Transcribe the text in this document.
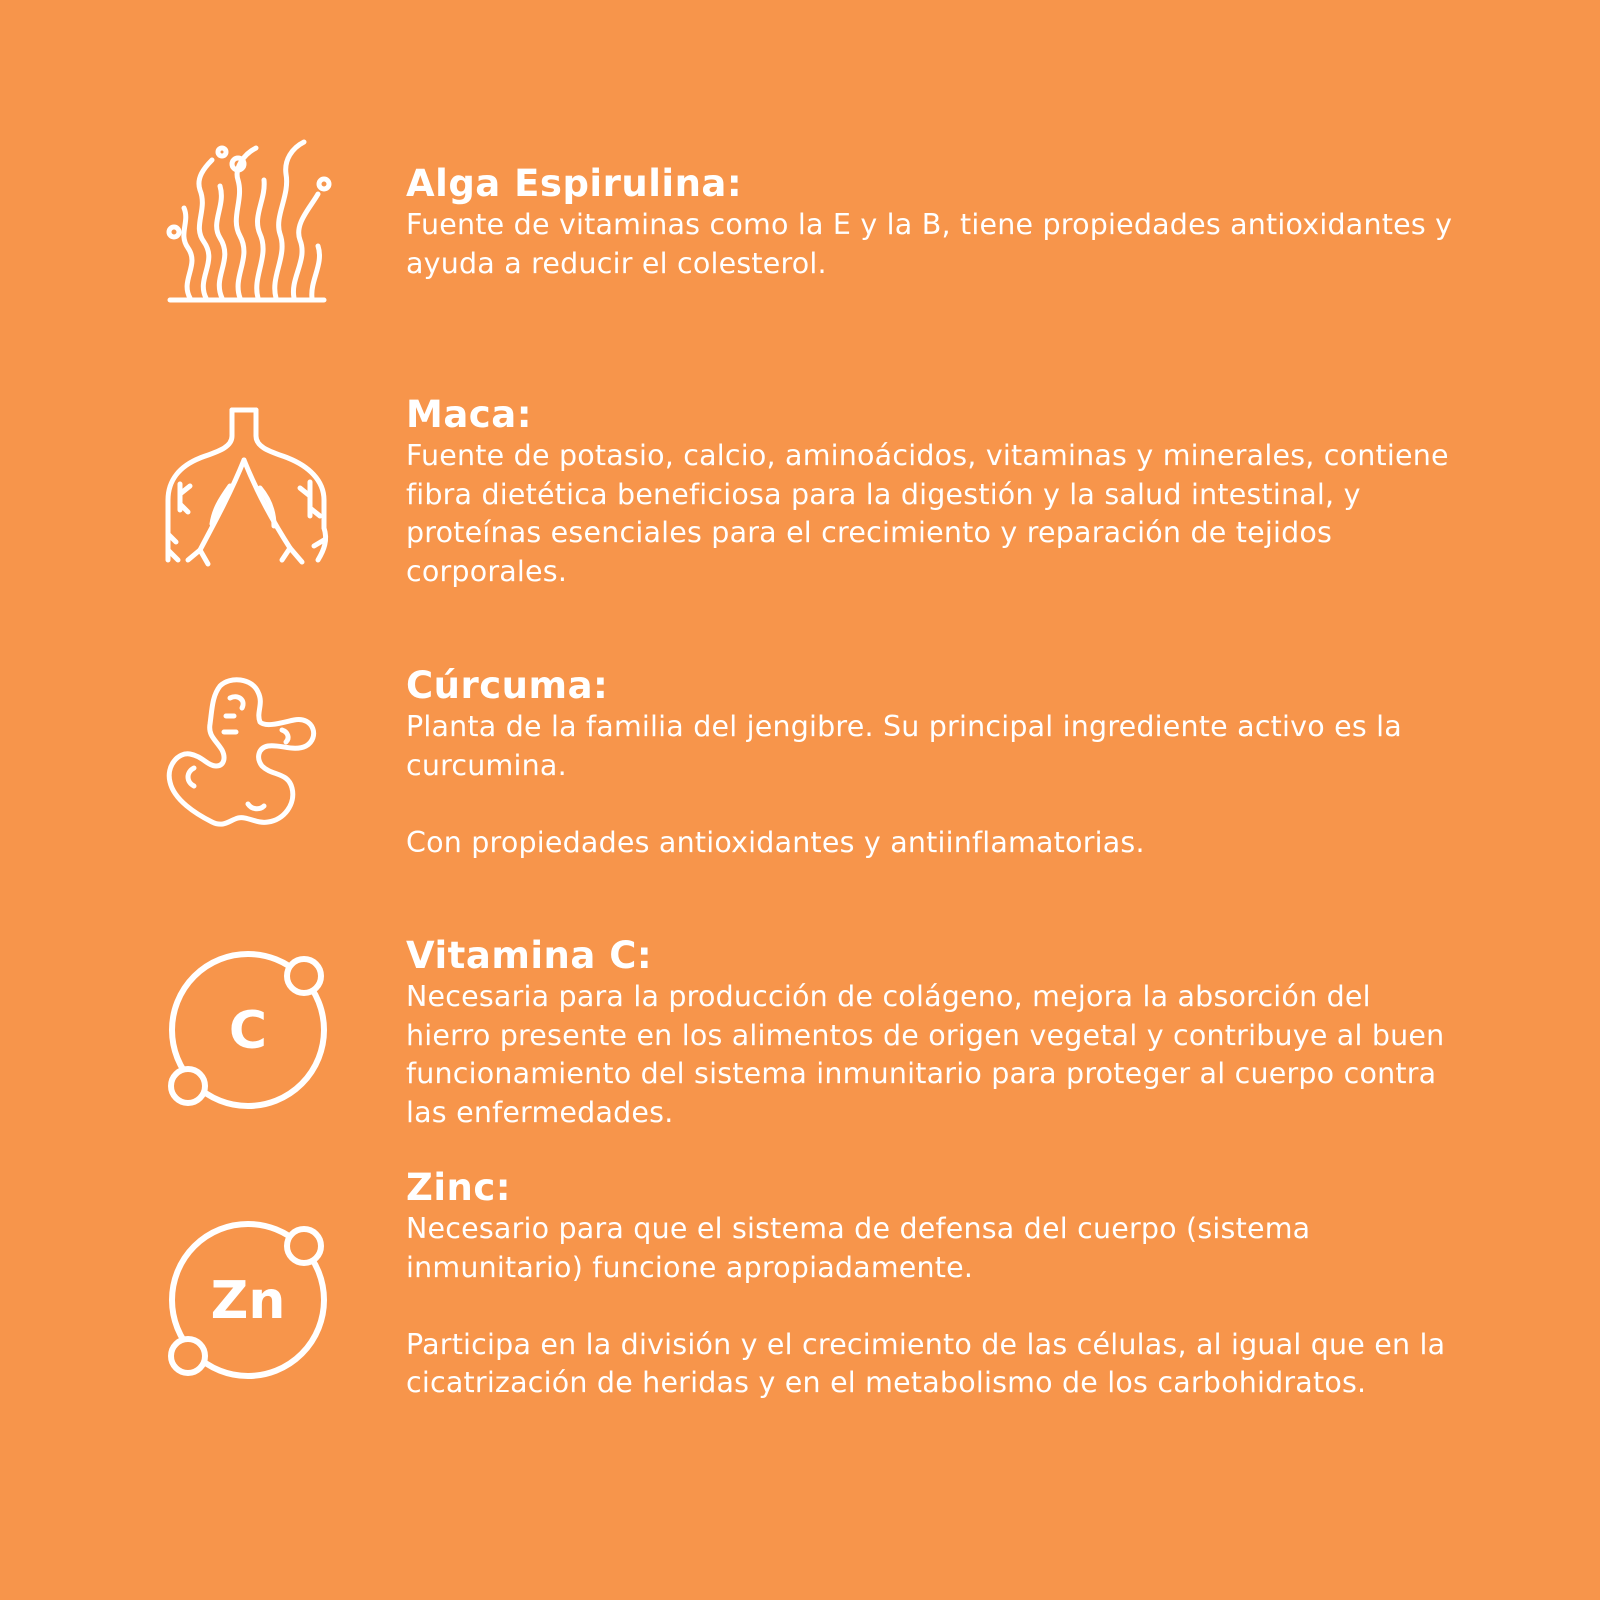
Alga Espirulina:

Fuente de vitaminas como la E y la B, tiene propiedades antioxidantes y ayuda a reducir el colesterol.

Maca:

Fuente de potasio, calcio, aminoácidos, vitaminas y minerales, contiene fibra dietética beneficiosa para la digestión y la salud intestinal, y proteínas esenciales para el crecimiento y reparación de tejidos corporales.

Cúrcuma:

Planta de la familia del jengibre. Su principal ingrediente activo es la curcumina.

Con propiedades antioxidantes y antiinflamatorias.

C

Vitamina C:

Necesaria para la producción de colágeno, mejora la absorción del hierro presente en los alimentos de origen vegetal y contribuye al buen funcionamiento del sistema inmunitario para proteger al cuerpo contra las enfermedades.

Zn

Zinc:

Necesario para que el sistema de defensa del cuerpo (sistema inmunitario) funcione apropiadamente.

Participa en la división y el crecimiento de las células, al igual que en la cicatrización de heridas y en el metabolismo de los carbohidratos.
